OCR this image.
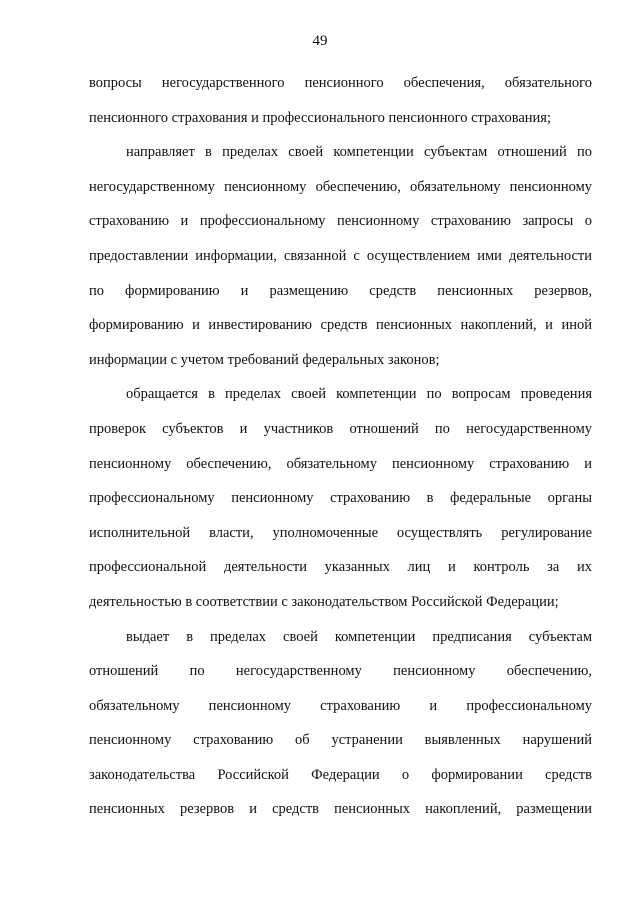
49
вопросы негосударственного пенсионного обеспечения, обязательного
пенсионного страхования и профессионального пенсионного страхования;
направляет в пределах своей компетенции субъектам отношений по
негосударственному пенсионному обеспечению, обязательному пенсионному
страхованию и профессиональному пенсионному страхованию запросы о
предоставлении информации, связанной с осуществлением ими деятельности
по формированию и размещению средств пенсионных резервов,
формированию и инвестированию средств пенсионных накоплений, и иной
информации с учетом требований федеральных законов;
обращается в пределах своей компетенции по вопросам проведения
проверок субъектов и участников отношений по негосударственному
пенсионному обеспечению, обязательному пенсионному страхованию и
профессиональному пенсионному страхованию в федеральные органы
исполнительной власти, уполномоченные осуществлять регулирование
профессиональной деятельности указанных лиц и контроль за их
деятельностью в соответствии с законодательством Российской Федерации;
выдает в пределах своей компетенции предписания субъектам
отношений по негосударственному пенсионному обеспечению,
обязательному пенсионному страхованию и профессиональному
пенсионному страхованию об устранении выявленных нарушений
законодательства Российской Федерации о формировании средств
пенсионных резервов и средств пенсионных накоплений, размещении
